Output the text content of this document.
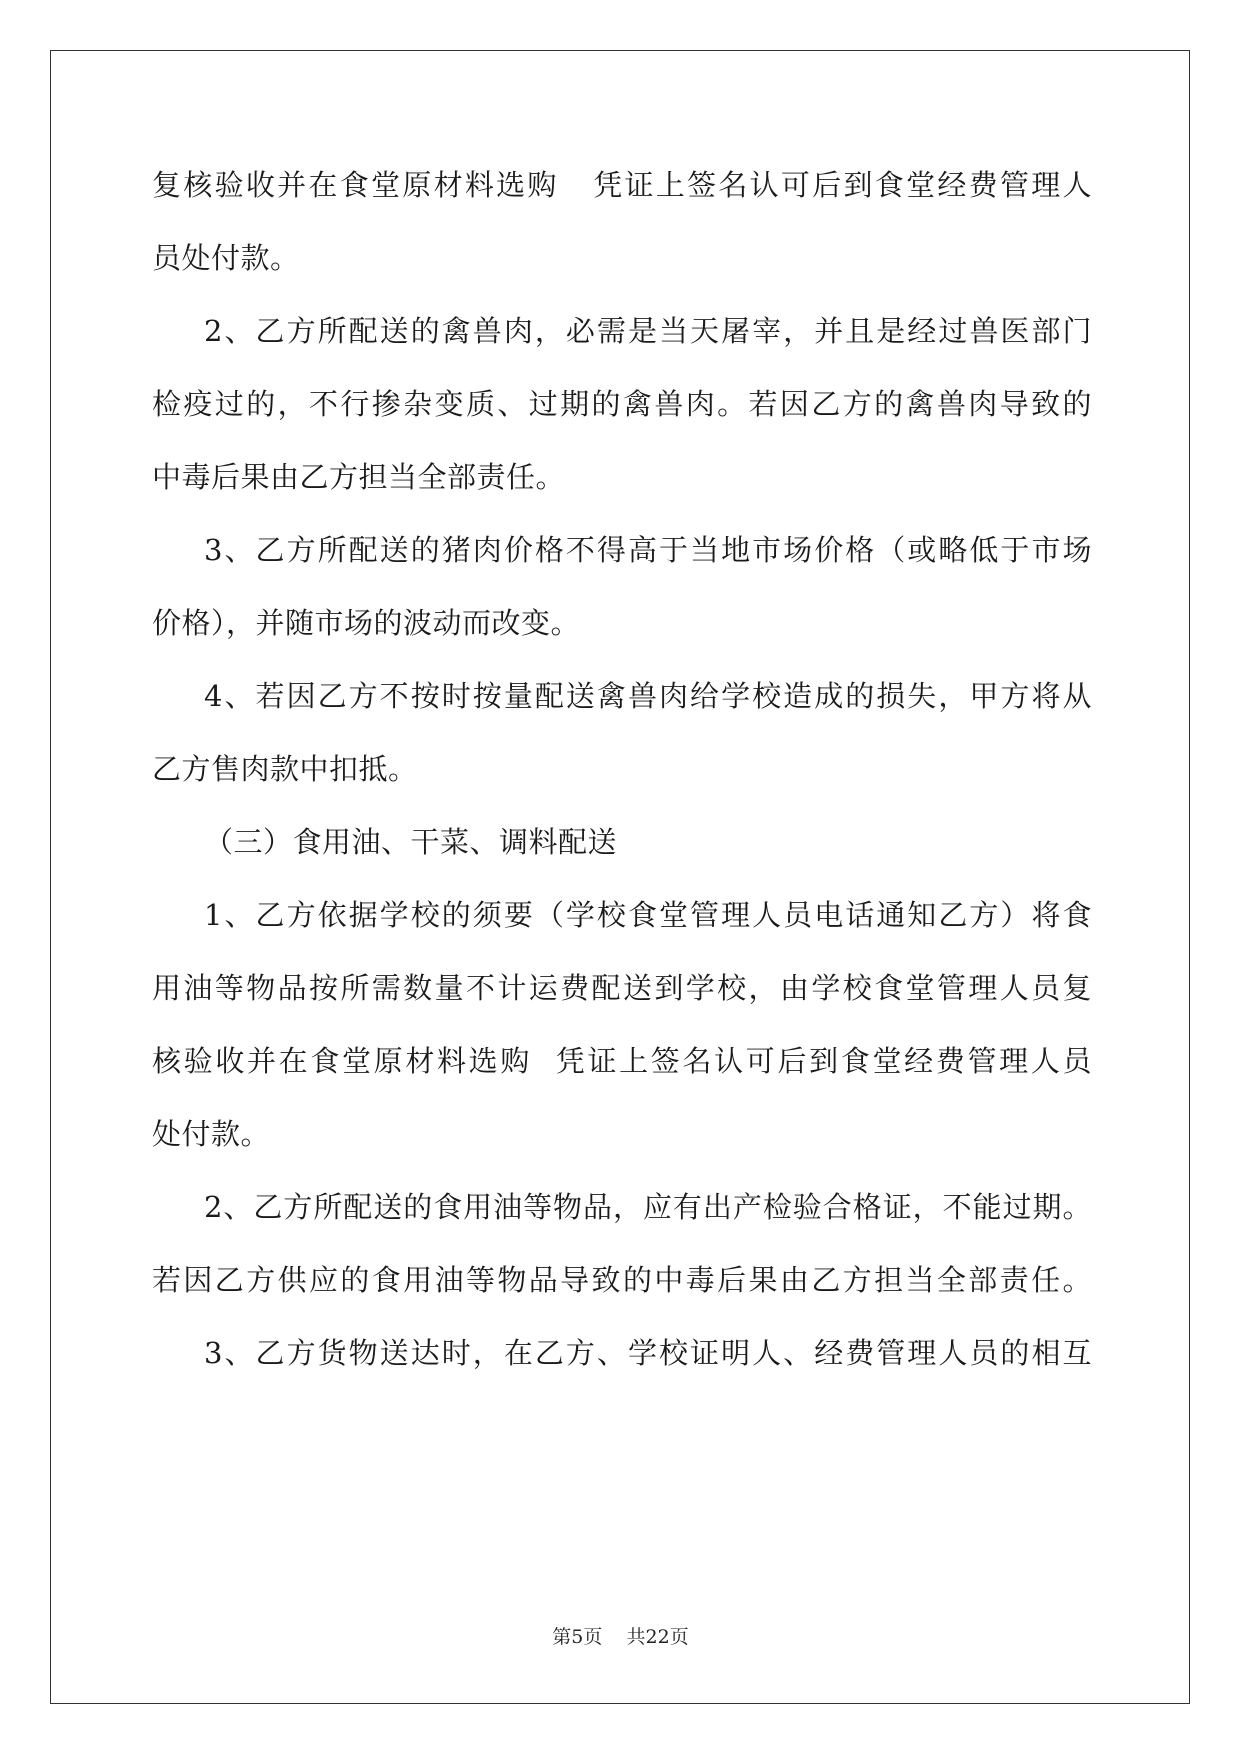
复核验收并在食堂原材料选购   凭证上签名认可后到食堂经费管理人
员处付款。
2、乙方所配送的禽兽肉，必需是当天屠宰，并且是经过兽医部门
检疫过的，不行掺杂变质、过期的禽兽肉。若因乙方的禽兽肉导致的
中毒后果由乙方担当全部责任。
3、乙方所配送的猪肉价格不得高于当地市场价格（或略低于市场
价格），并随市场的波动而改变。
4、若因乙方不按时按量配送禽兽肉给学校造成的损失，甲方将从
乙方售肉款中扣抵。
（三）食用油、干菜、调料配送
1、乙方依据学校的须要（学校食堂管理人员电话通知乙方）将食
用油等物品按所需数量不计运费配送到学校，由学校食堂管理人员复
核验收并在食堂原材料选购  凭证上签名认可后到食堂经费管理人员
处付款。
2、乙方所配送的食用油等物品，应有出产检验合格证，不能过期。
若因乙方供应的食用油等物品导致的中毒后果由乙方担当全部责任。
3、乙方货物送达时，在乙方、学校证明人、经费管理人员的相互
第5页    共22页
